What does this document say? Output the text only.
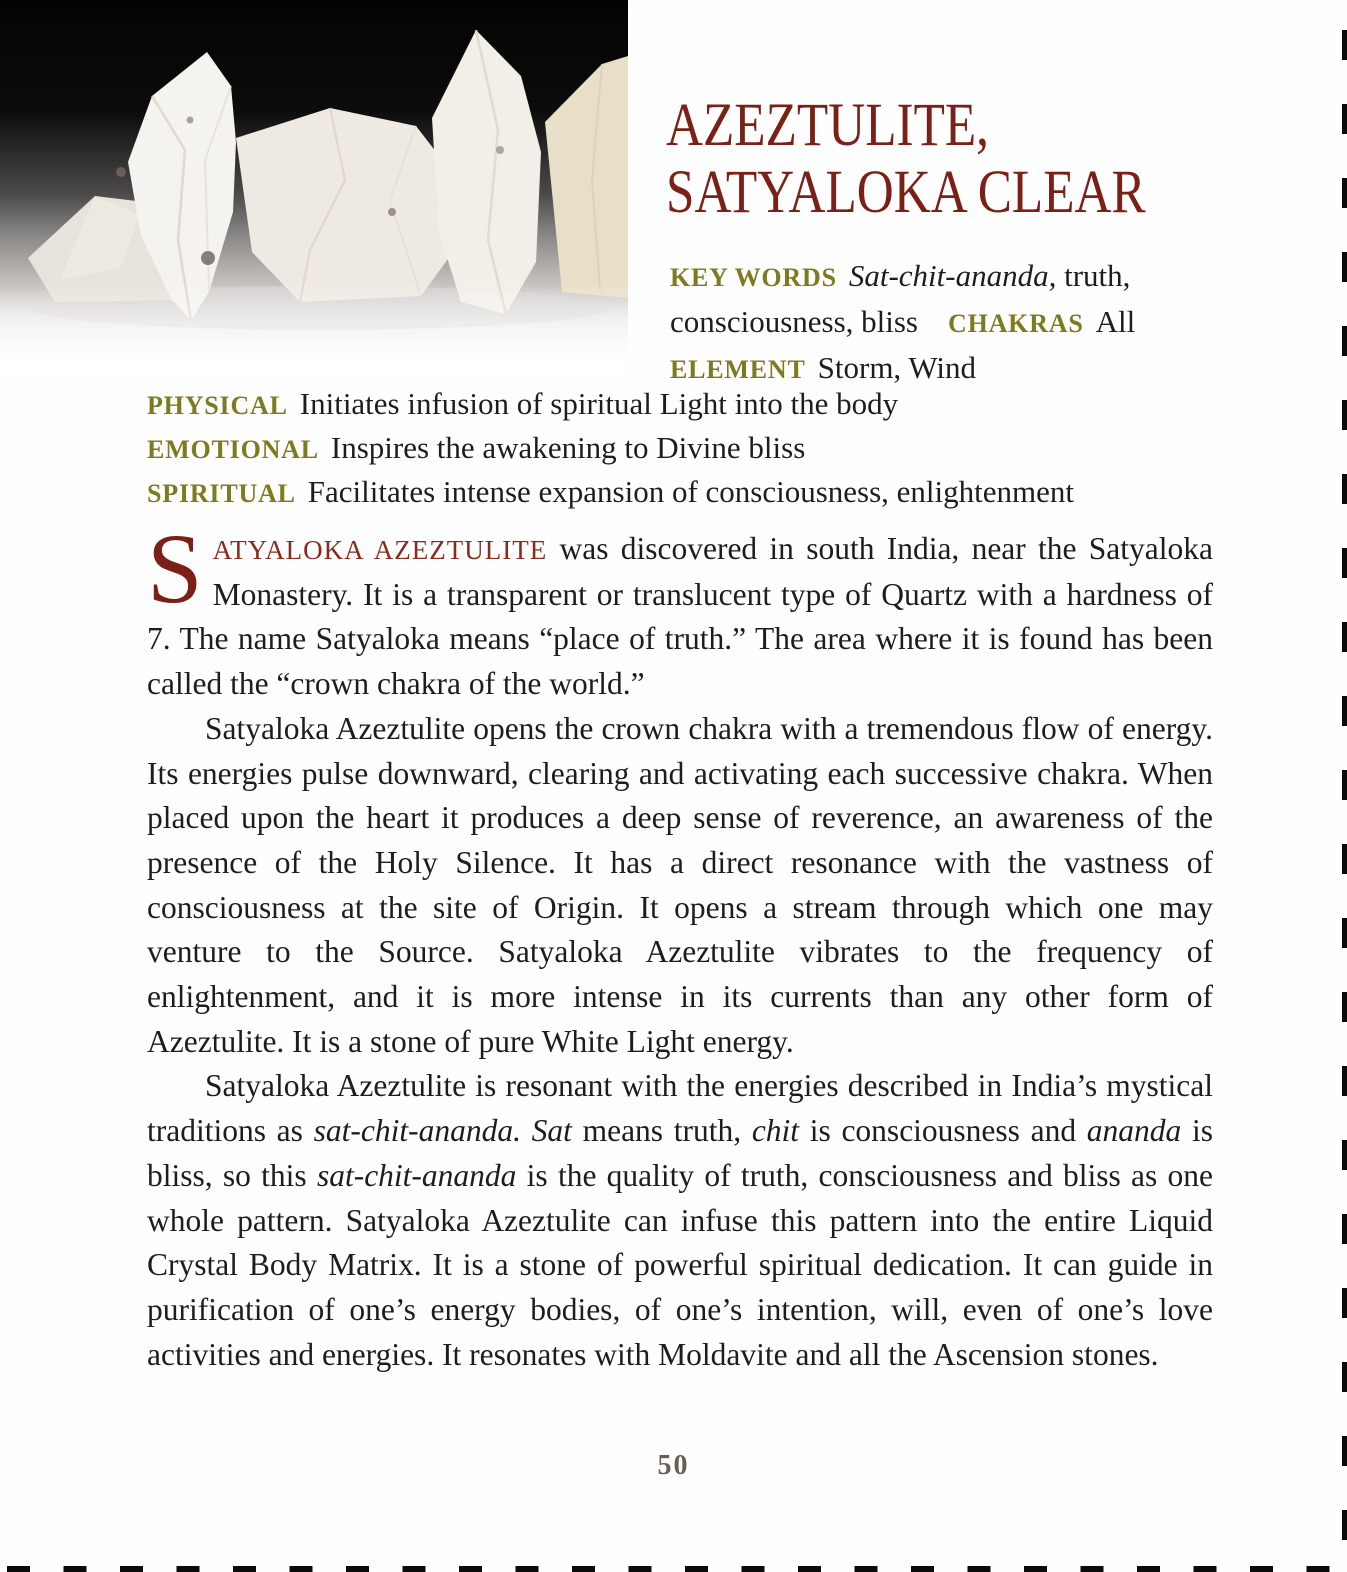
AZEZTULITE,
SATYALOKA CLEAR
KEY WORDS Sat-chit-ananda, truth, consciousness, bliss CHAKRAS All
ELEMENT Storm, Wind
PHYSICAL Initiates infusion of spiritual Light into the body
EMOTIONAL Inspires the awakening to Divine bliss
SPIRITUAL Facilitates intense expansion of consciousness, enlightenment

SATYALOKA AZEZTULITE was discovered in south India, near the Satyaloka Monastery. It is a transparent or translucent type of Quartz with a hardness of 7. The name Satyaloka means “place of truth.” The area where it is found has been called the “crown chakra of the world.”

Satyaloka Azeztulite opens the crown chakra with a tremendous flow of energy. Its energies pulse downward, clearing and activating each successive chakra. When placed upon the heart it produces a deep sense of reverence, an awareness of the presence of the Holy Silence. It has a direct resonance with the vastness of consciousness at the site of Origin. It opens a stream through which one may venture to the Source. Satyaloka Azeztulite vibrates to the frequency of enlightenment, and it is more intense in its currents than any other form of Azeztulite. It is a stone of pure White Light energy.

Satyaloka Azeztulite is resonant with the energies described in India’s mystical traditions as sat-chit-ananda. Sat means truth, chit is consciousness and ananda is bliss, so this sat-chit-ananda is the quality of truth, consciousness and bliss as one whole pattern. Satyaloka Azeztulite can infuse this pattern into the entire Liquid Crystal Body Matrix. It is a stone of powerful spiritual dedication. It can guide in purification of one’s energy bodies, of one’s intention, will, even of one’s love activities and energies. It resonates with Moldavite and all the Ascension stones.

50
